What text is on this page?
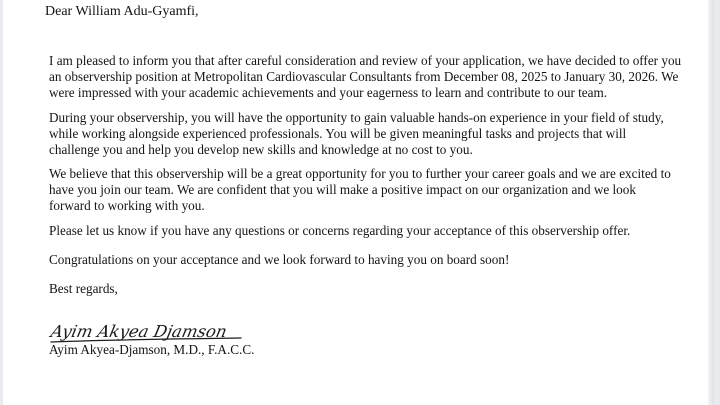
Dear William Adu-Gyamfi,

I am pleased to inform you that after careful consideration and review of your application, we have decided to offer you
an observership position at Metropolitan Cardiovascular Consultants from December 08, 2025 to January 30, 2026. We
were impressed with your academic achievements and your eagerness to learn and contribute to our team.

During your observership, you will have the opportunity to gain valuable hands-on experience in your field of study,
while working alongside experienced professionals. You will be given meaningful tasks and projects that will
challenge you and help you develop new skills and knowledge at no cost to you.

We believe that this observership will be a great opportunity for you to further your career goals and we are excited to
have you join our team. We are confident that you will make a positive impact on our organization and we look
forward to working with you.

Please let us know if you have any questions or concerns regarding your acceptance of this observership offer.

Congratulations on your acceptance and we look forward to having you on board soon!

Best regards,

Ayim Akyea Djamson
Ayim Akyea-Djamson, M.D., F.A.C.C.
